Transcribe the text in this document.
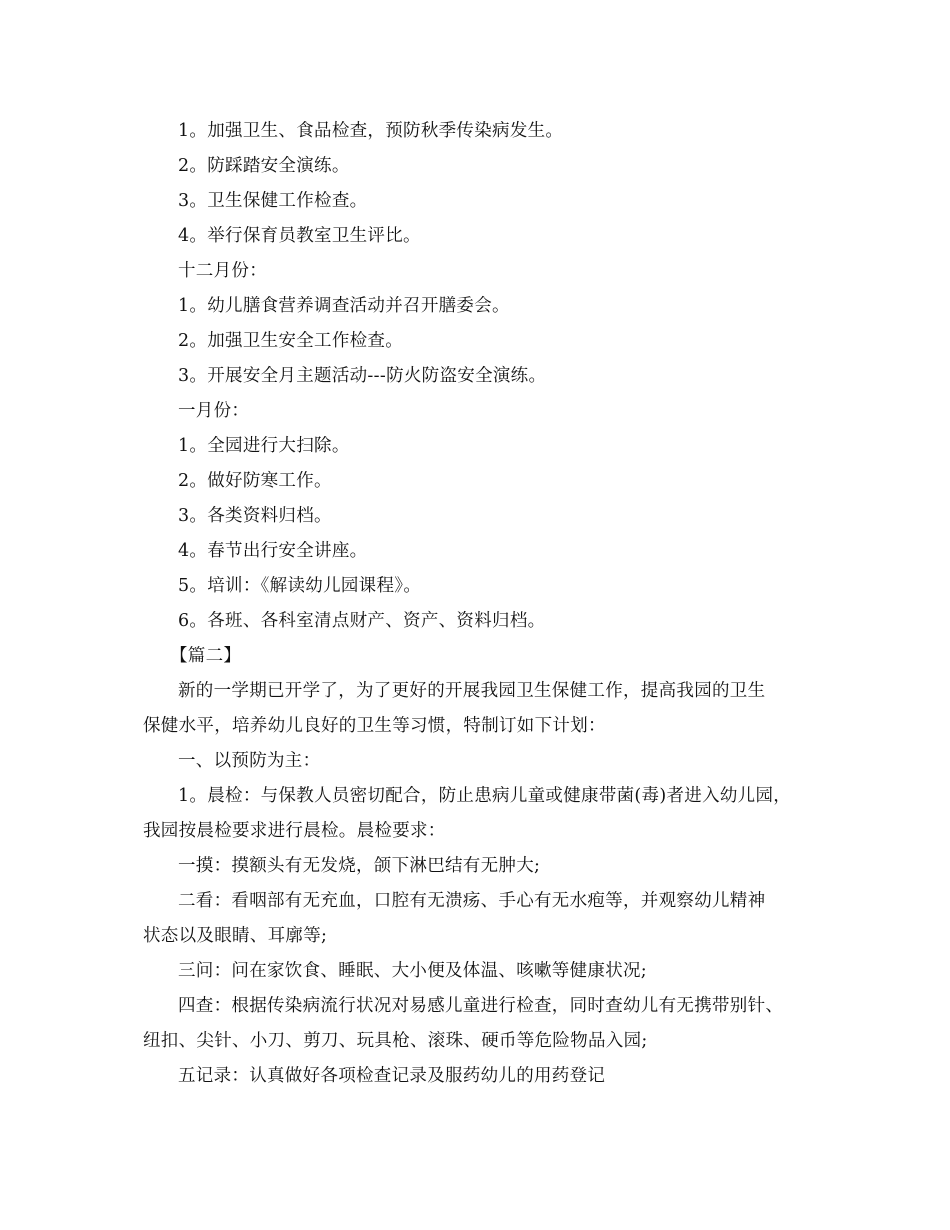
1。加强卫生、食品检查，预防秋季传染病发生。
2。防踩踏安全演练。
3。卫生保健工作检查。
4。举行保育员教室卫生评比。
十二月份：
1。幼儿膳食营养调查活动并召开膳委会。
2。加强卫生安全工作检查。
3。开展安全月主题活动---防火防盗安全演练。
一月份：
1。全园进行大扫除。
2。做好防寒工作。
3。各类资料归档。
4。春节出行安全讲座。
5。培训：《解读幼儿园课程》。
6。各班、各科室清点财产、资产、资料归档。
【篇二】
新的一学期已开学了，为了更好的开展我园卫生保健工作，提高我园的卫生
保健水平，培养幼儿良好的卫生等习惯，特制订如下计划：
一、以预防为主：
1。晨检：与保教人员密切配合，防止患病儿童或健康带菌(毒)者进入幼儿园，
我园按晨检要求进行晨检。晨检要求：
一摸：摸额头有无发烧，颌下淋巴结有无肿大;
二看：看咽部有无充血，口腔有无溃疡、手心有无水疱等，并观察幼儿精神
状态以及眼睛、耳廓等;
三问：问在家饮食、睡眠、大小便及体温、咳嗽等健康状况;
四查：根据传染病流行状况对易感儿童进行检查，同时查幼儿有无携带别针、
纽扣、尖针、小刀、剪刀、玩具枪、滚珠、硬币等危险物品入园;
五记录：认真做好各项检查记录及服药幼儿的用药登记
